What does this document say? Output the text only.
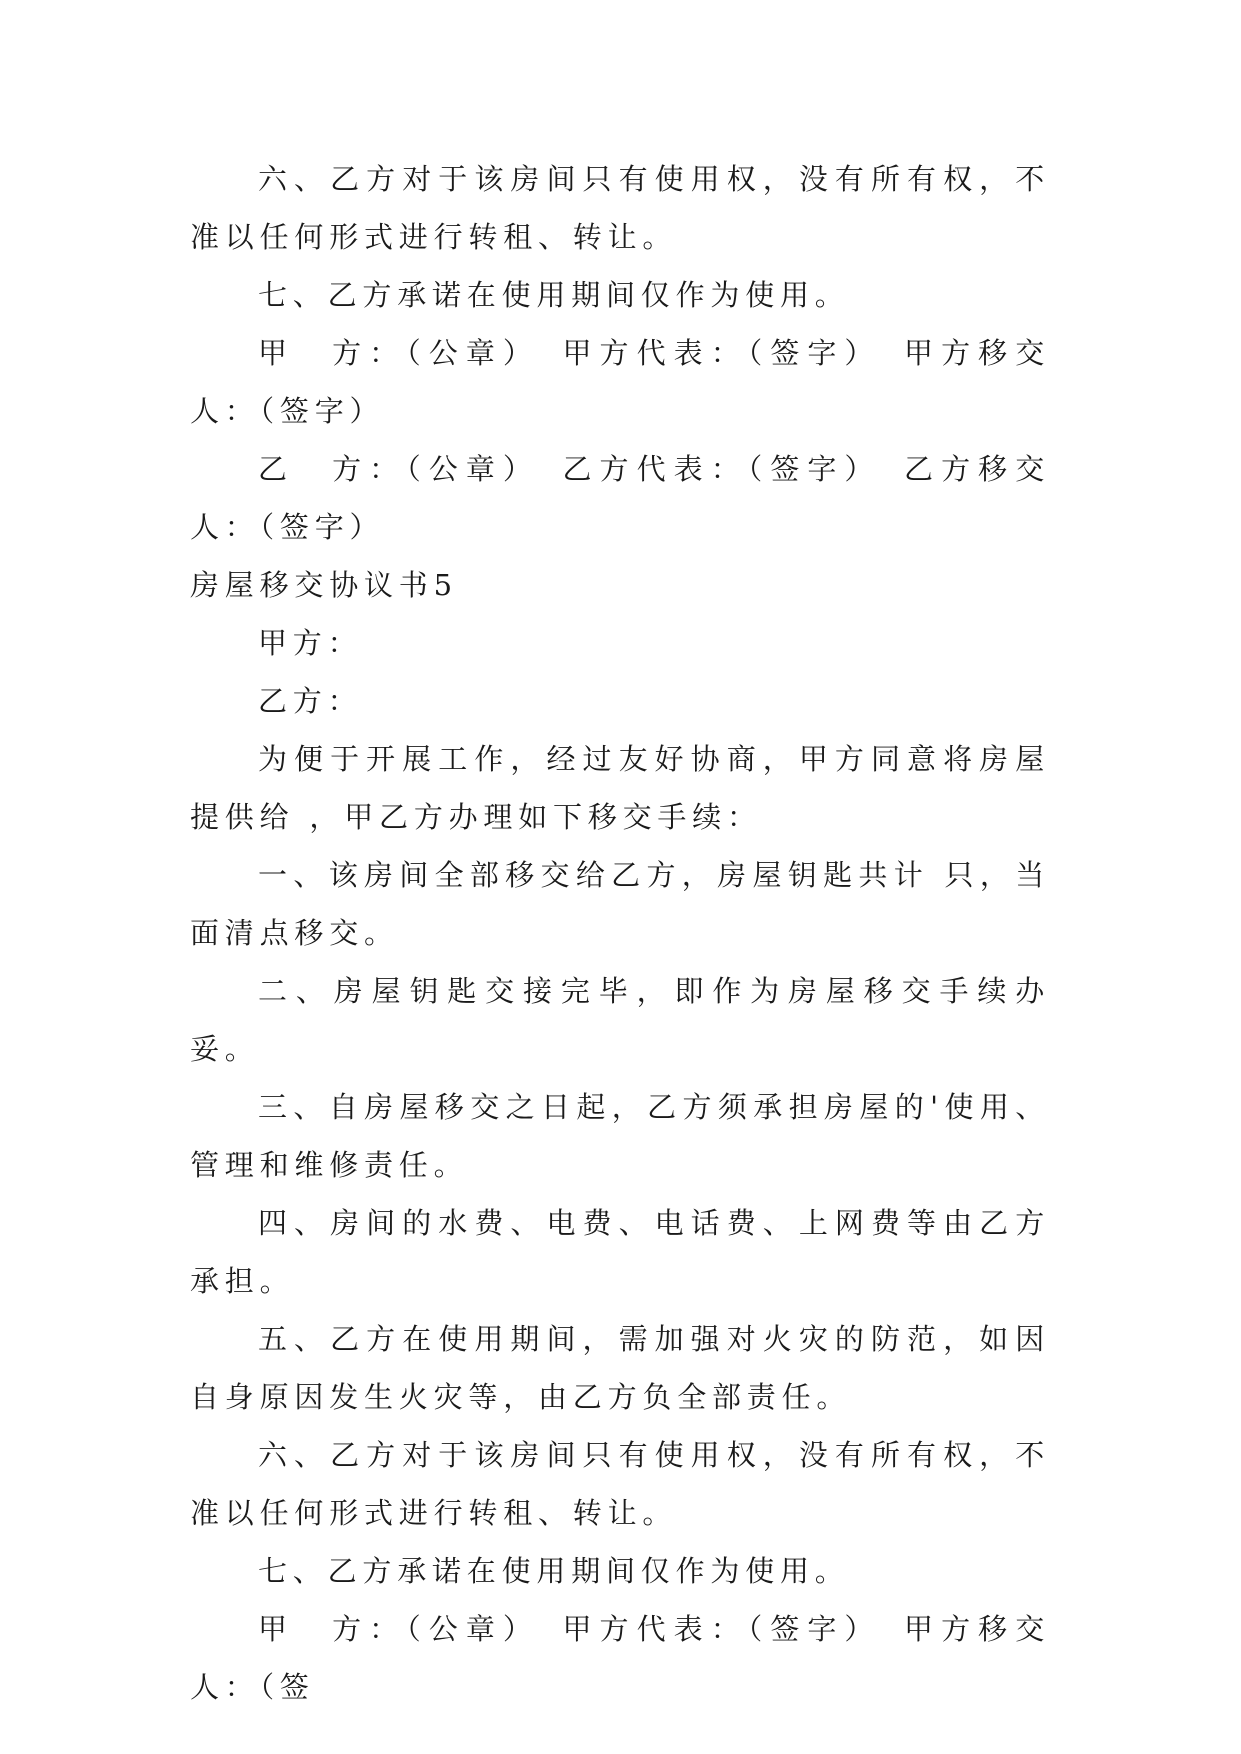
六、乙方对于该房间只有使用权，没有所有权，不准以任何形式进行转租、转让。

七、乙方承诺在使用期间仅作为使用。

甲　方：（公章）　甲方代表：（签字）　甲方移交人：（签字）

乙　方：（公章）　乙方代表：（签字）　乙方移交人：（签字）

房屋移交协议书5

甲方：

乙方：

为便于开展工作，经过友好协商，甲方同意将房屋提供给 ，甲乙方办理如下移交手续：

一、该房间全部移交给乙方，房屋钥匙共计 只，当面清点移交。

二、房屋钥匙交接完毕，即作为房屋移交手续办妥。

三、自房屋移交之日起，乙方须承担房屋的'使用、管理和维修责任。

四、房间的水费、电费、电话费、上网费等由乙方承担。

五、乙方在使用期间，需加强对火灾的防范，如因自身原因发生火灾等，由乙方负全部责任。

六、乙方对于该房间只有使用权，没有所有权，不准以任何形式进行转租、转让。

七、乙方承诺在使用期间仅作为使用。

甲　方：（公章）　甲方代表：（签字）　甲方移交人：（签
